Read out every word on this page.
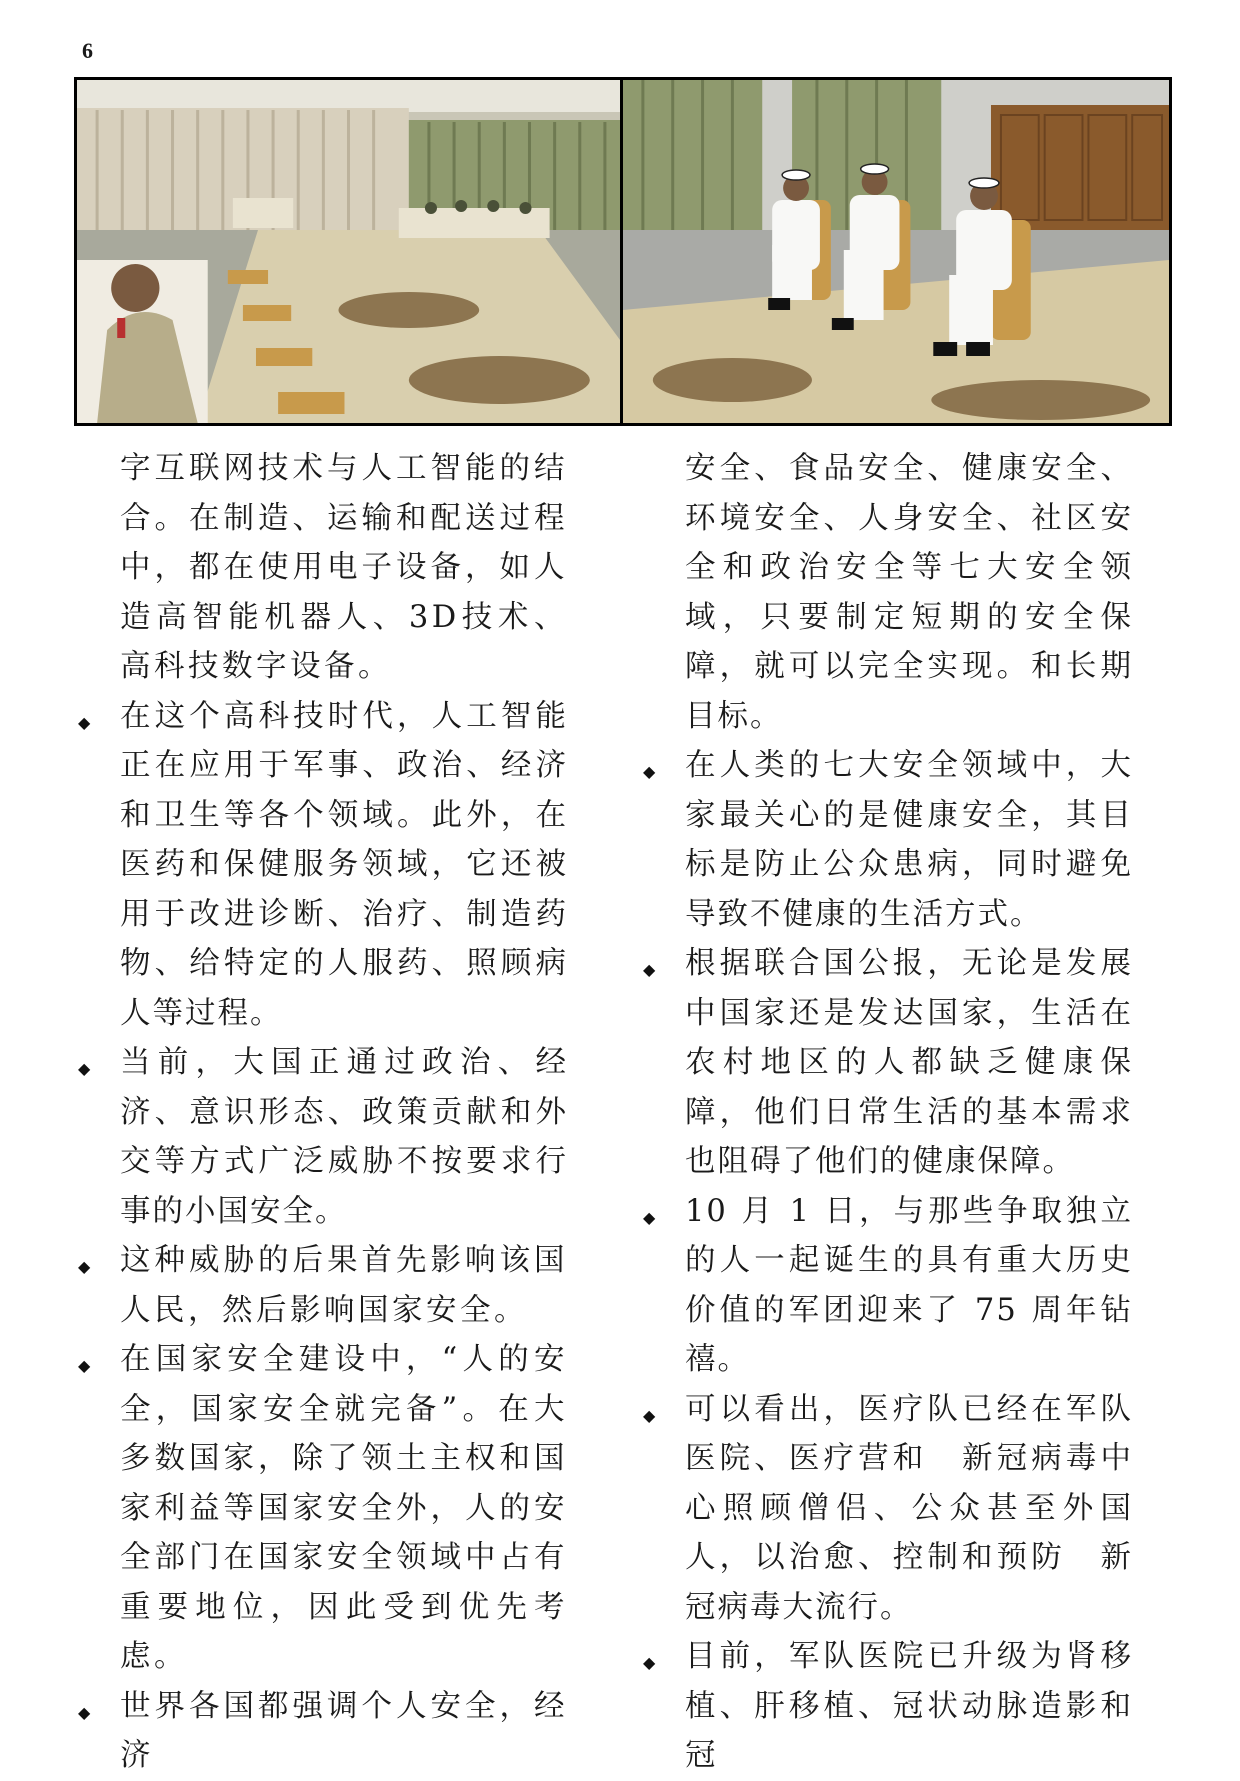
6

字互联网技术与人工智能的结合。在制造、运输和配送过程中，都在使用电子设备，如人造高智能机器人、3D技术、高科技数字设备。

◆ 在这个高科技时代，人工智能正在应用于军事、政治、经济和卫生等各个领域。此外，在医药和保健服务领域，它还被用于改进诊断、治疗、制造药物、给特定的人服药、照顾病人等过程。

◆ 当前，大国正通过政治、经济、意识形态、政策贡献和外交等方式广泛威胁不按要求行事的小国安全。

◆ 这种威胁的后果首先影响该国人民，然后影响国家安全。

◆ 在国家安全建设中，“人的安全，国家安全就完备”。在大多数国家，除了领土主权和国家利益等国家安全外，人的安全部门在国家安全领域中占有重要地位，因此受到优先考虑。

◆ 世界各国都强调个人安全，经济

安全、食品安全、健康安全、环境安全、人身安全、社区安全和政治安全等七大安全领域，只要制定短期的安全保障，就可以完全实现。和长期目标。

◆ 在人类的七大安全领域中，大家最关心的是健康安全，其目标是防止公众患病，同时避免导致不健康的生活方式。

◆ 根据联合国公报，无论是发展中国家还是发达国家，生活在农村地区的人都缺乏健康保障，他们日常生活的基本需求也阻碍了他们的健康保障。

◆ 10 月 1 日，与那些争取独立的人一起诞生的具有重大历史价值的军团迎来了 75 周年钻禧。

◆ 可以看出，医疗队已经在军队医院、医疗营和　新冠病毒中心照顾僧侣、公众甚至外国人，以治愈、控制和预防　新冠病毒大流行。

◆ 目前，军队医院已升级为肾移植、肝移植、冠状动脉造影和冠
